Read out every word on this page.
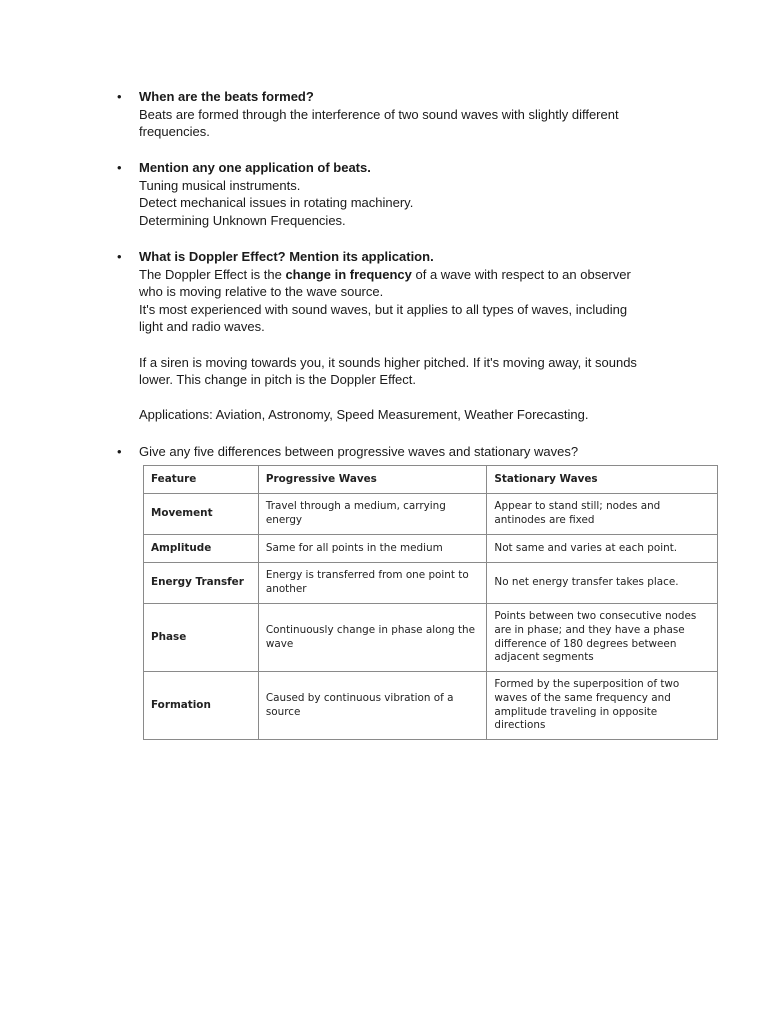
• When are the beats formed?
Beats are formed through the interference of two sound waves with slightly different
frequencies.
• Mention any one application of beats.
Tuning musical instruments.
Detect mechanical issues in rotating machinery.
Determining Unknown Frequencies.
• What is Doppler Effect? Mention its application.
The Doppler Effect is the change in frequency of a wave with respect to an observer
who is moving relative to the wave source.
It's most experienced with sound waves, but it applies to all types of waves, including
light and radio waves.
If a siren is moving towards you, it sounds higher pitched. If it's moving away, it sounds
lower. This change in pitch is the Doppler Effect.
Applications: Aviation, Astronomy, Speed Measurement, Weather Forecasting.
• Give any five differences between progressive waves and stationary waves?
Feature	Progressive Waves	Stationary Waves
Movement	Travel through a medium, carrying energy	Appear to stand still; nodes and antinodes are fixed
Amplitude	Same for all points in the medium	Not same and varies at each point.
Energy Transfer	Energy is transferred from one point to another	No net energy transfer takes place.
Phase	Continuously change in phase along the wave	Points between two consecutive nodes are in phase; and they have a phase difference of 180 degrees between adjacent segments
Formation	Caused by continuous vibration of a source	Formed by the superposition of two waves of the same frequency and amplitude traveling in opposite directions
